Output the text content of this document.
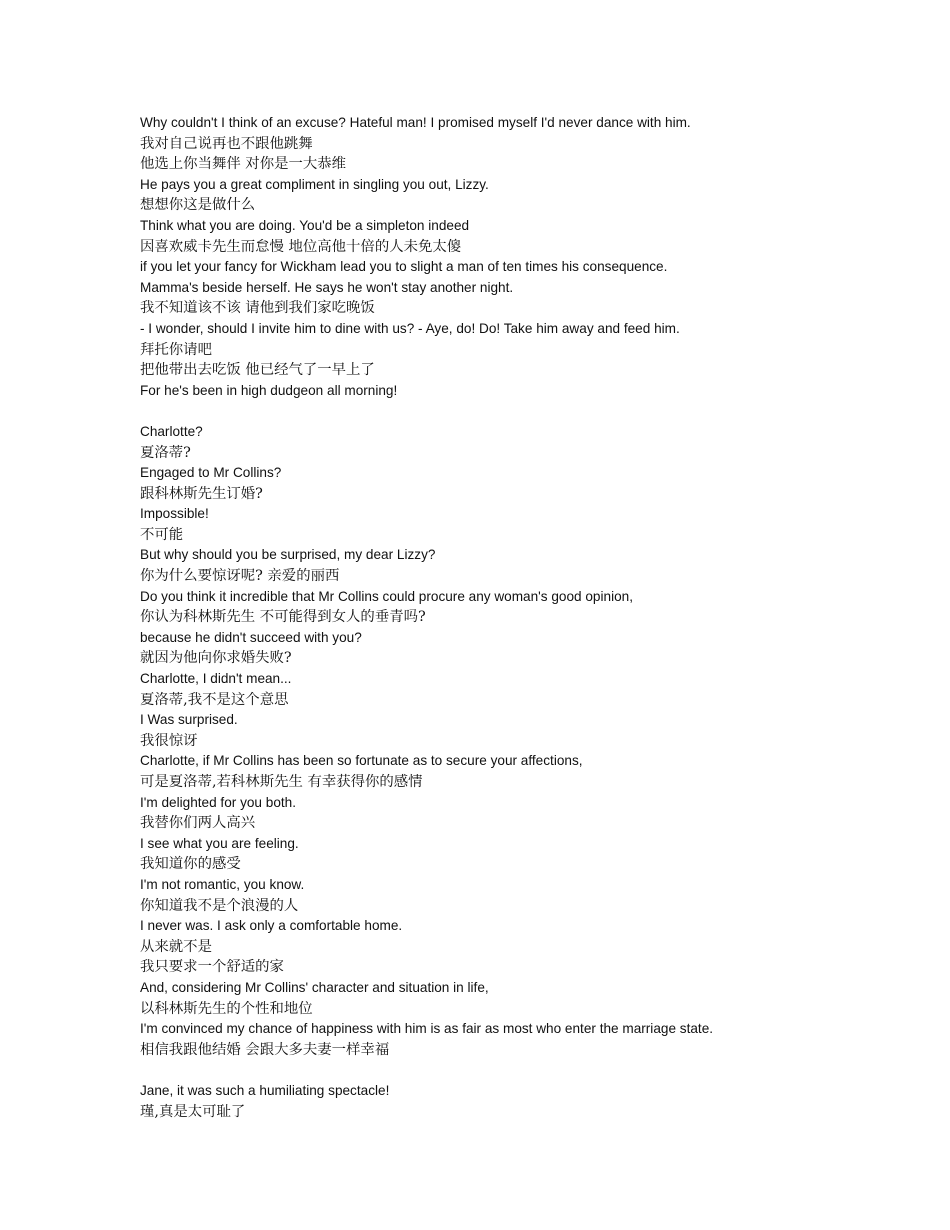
Why couldn't I think of an excuse? Hateful man! I promised myself I'd never dance with him.
我对自己说再也不跟他跳舞
他选上你当舞伴 对你是一大恭维
He pays you a great compliment in singling you out, Lizzy.
想想你这是做什么
Think what you are doing. You'd be a simpleton indeed
因喜欢威卡先生而怠慢 地位高他十倍的人未免太傻
if you let your fancy for Wickham lead you to slight a man of ten times his consequence.
Mamma's beside herself. He says he won't stay another night.
我不知道该不该 请他到我们家吃晚饭
- I wonder, should I invite him to dine with us? - Aye, do! Do! Take him away and feed him.
拜托你请吧
把他带出去吃饭 他已经气了一早上了
For he's been in high dudgeon all morning!
Charlotte?
夏洛蒂?
Engaged to Mr Collins?
跟科林斯先生订婚?
Impossible!
不可能
But why should you be surprised, my dear Lizzy?
你为什么要惊讶呢? 亲爱的丽西
Do you think it incredible that Mr Collins could procure any woman's good opinion,
你认为科林斯先生 不可能得到女人的垂青吗?
because he didn't succeed with you?
就因为他向你求婚失败?
Charlotte, I didn't mean...
夏洛蒂,我不是这个意思
I Was surprised.
我很惊讶
Charlotte, if Mr Collins has been so fortunate as to secure your affections,
可是夏洛蒂,若科林斯先生 有幸获得你的感情
I'm delighted for you both.
我替你们两人高兴
I see what you are feeling.
我知道你的感受
I'm not romantic, you know.
你知道我不是个浪漫的人
I never was. I ask only a comfortable home.
从来就不是
我只要求一个舒适的家
And, considering Mr Collins' character and situation in life,
以科林斯先生的个性和地位
I'm convinced my chance of happiness with him is as fair as most who enter the marriage state.
相信我跟他结婚 会跟大多夫妻一样幸福
Jane, it was such a humiliating spectacle!
瑾,真是太可耻了
